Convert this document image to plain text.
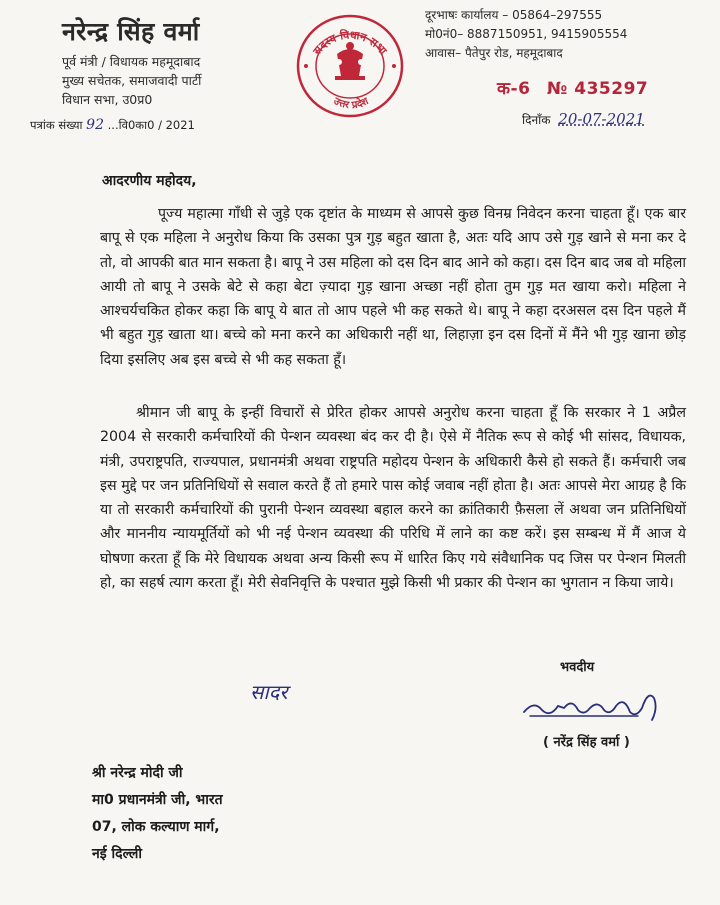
नरेन्द्र सिंह वर्मा
पूर्व मंत्री / विधायक महमूदाबाद
मुख्य सचेतक, समाजवादी पार्टी
विधान सभा, उ0प्र0
पत्रांक संख्या 92 ...वि0का0 / 2021
सदस्य विधान सभा
उत्तर प्रदेश
दूरभाषः कार्यालय – 05864–297555
मो0नं0– 8887150951, 9415905554
आवास– पैतेपुर रोड, महमूदाबाद
क-6 № 435297
दिनाँक 20-07-2021
आदरणीय महोदय,

पूज्य महात्मा गाँधी से जुड़े एक दृष्टांत के माध्यम से आपसे कुछ विनम्र निवेदन करना चाहता हूँ। एक बार बापू से एक महिला ने अनुरोध किया कि उसका पुत्र गुड़ बहुत खाता है, अतः यदि आप उसे गुड़ खाने से मना कर दे तो, वो आपकी बात मान सकता है। बापू ने उस महिला को दस दिन बाद आने को कहा। दस दिन बाद जब वो महिला आयी तो बापू ने उसके बेटे से कहा बेटा ज़्यादा गुड़ खाना अच्छा नहीं होता तुम गुड़ मत खाया करो। महिला ने आश्चर्यचकित होकर कहा कि बापू ये बात तो आप पहले भी कह सकते थे। बापू ने कहा दरअसल दस दिन पहले मैं भी बहुत गुड़ खाता था। बच्चे को मना करने का अधिकारी नहीं था, लिहाज़ा इन दस दिनों में मैंने भी गुड़ खाना छोड़ दिया इसलिए अब इस बच्चे से भी कह सकता हूँ।

श्रीमान जी बापू के इन्हीं विचारों से प्रेरित होकर आपसे अनुरोध करना चाहता हूँ कि सरकार ने 1 अप्रैल 2004 से सरकारी कर्मचारियों की पेन्शन व्यवस्था बंद कर दी है। ऐसे में नैतिक रूप से कोई भी सांसद, विधायक, मंत्री, उपराष्ट्रपति, राज्यपाल, प्रधानमंत्री अथवा राष्ट्रपति महोदय पेन्शन के अधिकारी कैसे हो सकते हैं। कर्मचारी जब इस मुद्दे पर जन प्रतिनिधियों से सवाल करते हैं तो हमारे पास कोई जवाब नहीं होता है। अतः आपसे मेरा आग्रह है कि या तो सरकारी कर्मचारियों की पुरानी पेन्शन व्यवस्था बहाल करने का क्रांतिकारी फ़ैसला लें अथवा जन प्रतिनिधियों और माननीय न्यायमूर्तियों को भी नई पेन्शन व्यवस्था की परिधि में लाने का कष्ट करें। इस सम्बन्ध में मैं आज ये घोषणा करता हूँ कि मेरे विधायक अथवा अन्य किसी रूप में धारित किए गये संवैधानिक पद जिस पर पेन्शन मिलती हो, का सहर्ष त्याग करता हूँ। मेरी सेवनिवृत्ति के पश्चात मुझे किसी भी प्रकार की पेन्शन का भुगतान न किया जाये।

भवदीय
सादर
( नरेंद्र सिंह वर्मा )
श्री नरेन्द्र मोदी जी
मा0 प्रधानमंत्री जी, भारत
07, लोक कल्याण मार्ग,
नई दिल्ली
